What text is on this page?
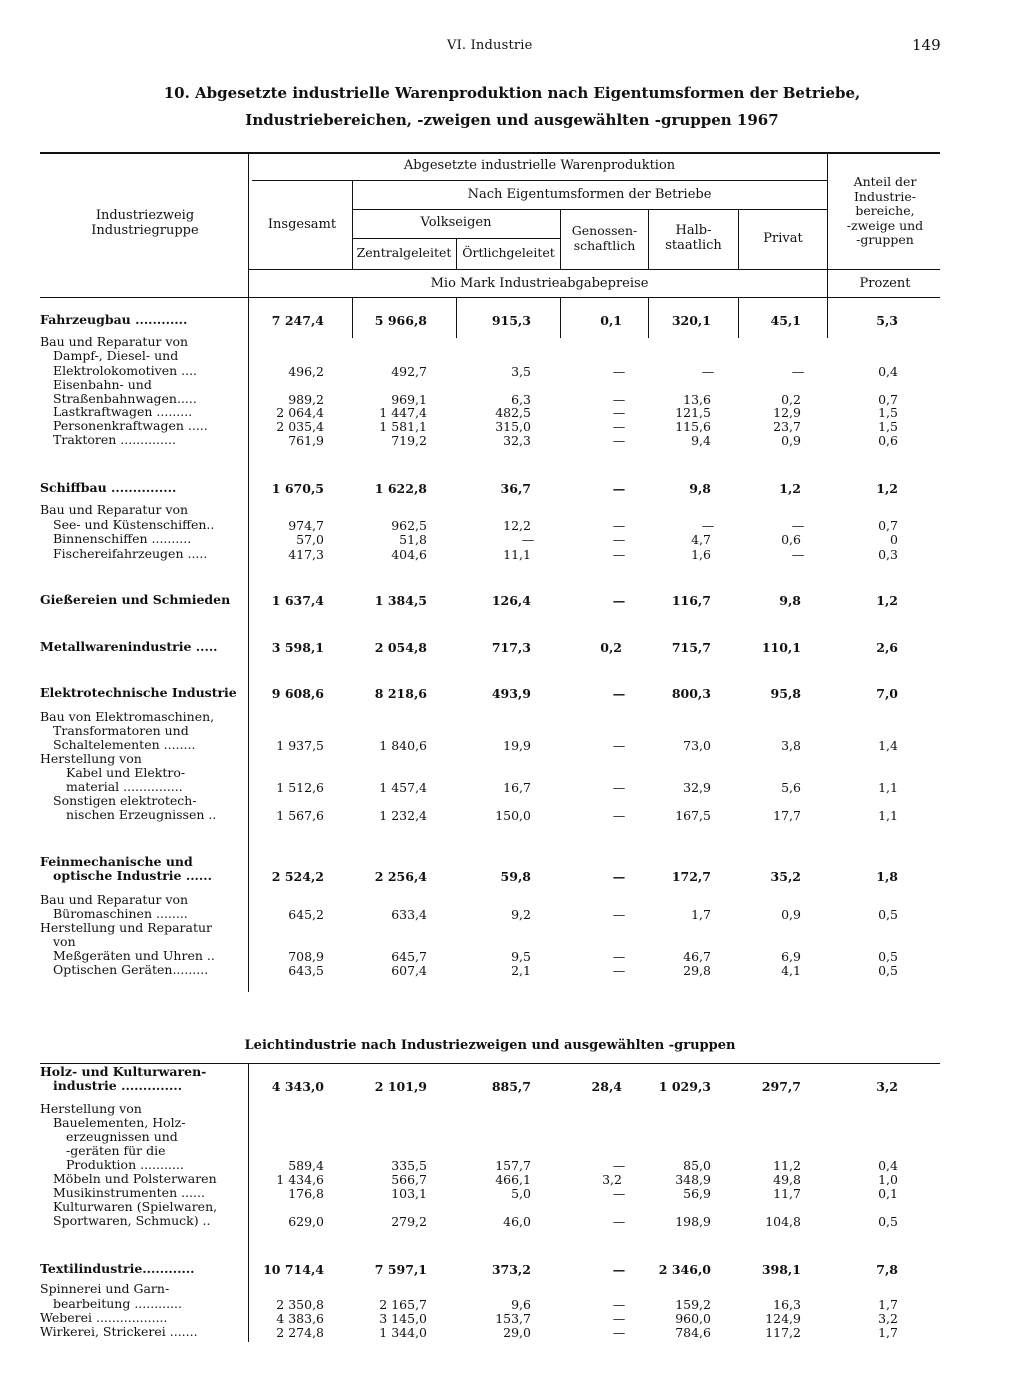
VI. Industrie	149
10. Abgesetzte industrielle Warenproduktion nach Eigentumsformen der Betriebe,
Industriebereichen, -zweigen und ausgewählten -gruppen 1967
Industriezweig
Industriegruppe
Abgesetzte industrielle Warenproduktion
Nach Eigentumsformen der Betriebe
Insgesamt	Volkseigen
Zentralgeleitet Örtlichgeleitet
Genossen-
schaftlich
Halb-
staatlich	Privat
Anteil der
Industrie-
bereiche,
-zweige und
-gruppen
Mio Mark Industrieabgabepreise	Prozent
Leichtindustrie nach Industriezweigen und ausgewählten -gruppen
Fahrzeugbau ............	7 247,4	5 966,8	915,3	0,1	320,1	45,1	5,3
Bau und Reparatur von
Dampf-, Diesel- und
Elektrolokomotiven ....	496,2	492,7	3,5	—	—	—	0,4
Eisenbahn- und
Straßenbahnwagen.....	989,2	969,1	6,3	—	13,6	0,2	0,7
Lastkraftwagen .........	2 064,4	1 447,4	482,5	—	121,5	12,9	1,5
Personenkraftwagen .....	2 035,4	1 581,1	315,0	—	115,6	23,7	1,5
Traktoren ..............	761,9	719,2	32,3	—	9,4	0,9	0,6
Schiffbau ...............	1 670,5	1 622,8	36,7	—	9,8	1,2	1,2
Bau und Reparatur von
See- und Küstenschiffen..	974,7	962,5	12,2	—	—	—	0,7
Binnenschiffen ..........	57,0	51,8	—	—	4,7	0,6	0
Fischereifahrzeugen .....	417,3	404,6	11,1	—	1,6	—	0,3
Gießereien und Schmieden	1 637,4	1 384,5	126,4	—	116,7	9,8	1,2
Metallwarenindustrie .....	3 598,1	2 054,8	717,3	0,2	715,7	110,1	2,6
Elektrotechnische Industrie	9 608,6	8 218,6	493,9	—	800,3	95,8	7,0
Bau von Elektromaschinen,
Transformatoren und
Schaltelementen ........	1 937,5	1 840,6	19,9	—	73,0	3,8	1,4
Herstellung von
Kabel und Elektro-
material ...............	1 512,6	1 457,4	16,7	—	32,9	5,6	1,1
Sonstigen elektrotech-
nischen Erzeugnissen ..	1 567,6	1 232,4	150,0	—	167,5	17,7	1,1
Feinmechanische und
optische Industrie ......	2 524,2	2 256,4	59,8	—	172,7	35,2	1,8
Bau und Reparatur von
Büromaschinen ........	645,2	633,4	9,2	—	1,7	0,9	0,5
Herstellung und Reparatur
von
Meßgeräten und Uhren ..	708,9	645,7	9,5	—	46,7	6,9	0,5
Optischen Geräten.........	643,5	607,4	2,1	—	29,8	4,1	0,5
Holz- und Kulturwaren-
industrie ..............	4 343,0	2 101,9	885,7	28,4	1 029,3	297,7	3,2
Herstellung von
Bauelementen, Holz-
erzeugnissen und
-geräten für die
Produktion ...........	589,4	335,5	157,7	—	85,0	11,2	0,4
Möbeln und Polsterwaren	1 434,6	566,7	466,1	3,2	348,9	49,8	1,0
Musikinstrumenten ......	176,8	103,1	5,0	—	56,9	11,7	0,1
Kulturwaren (Spielwaren,
Sportwaren, Schmuck) ..	629,0	279,2	46,0	—	198,9	104,8	0,5
Textilindustrie............	10 714,4	7 597,1	373,2	—	2 346,0	398,1	7,8
Spinnerei und Garn-
bearbeitung ............	2 350,8	2 165,7	9,6	—	159,2	16,3	1,7
Weberei ..................	4 383,6	3 145,0	153,7	—	960,0	124,9	3,2
Wirkerei, Strickerei .......	2 274,8	1 344,0	29,0	—	784,6	117,2	1,7
